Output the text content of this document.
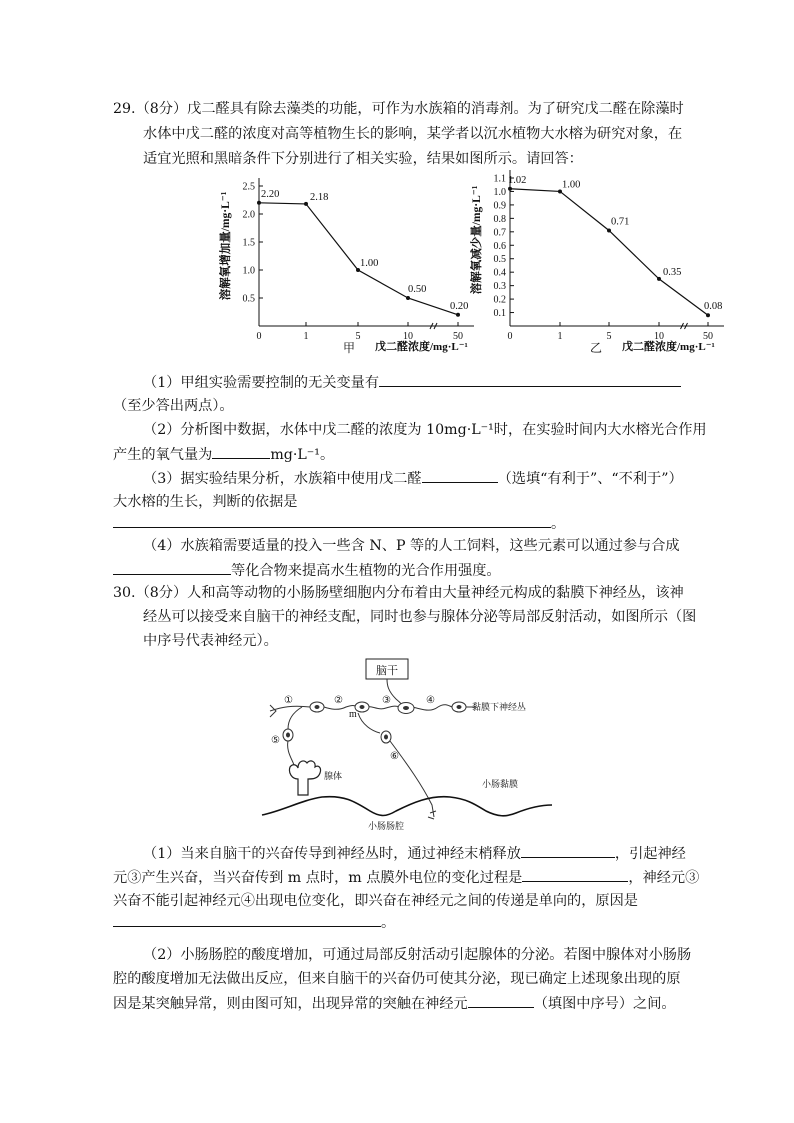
29.（8分）戊二醛具有除去藻类的功能，可作为水族箱的消毒剂。为了研究戊二醛在除藻时
水体中戊二醛的浓度对高等植物生长的影响，某学者以沉水植物大水榕为研究对象，在
适宜光照和黑暗条件下分别进行了相关实验，结果如图所示。请回答：
0.5
1.0
1.5
2.0
2.5
0	1	5	10	50
2.20	2.18
1.00
0.50
0.20
溶解氧增加量/mg·L⁻¹
戊二醛浓度/mg·L⁻¹
甲
0.1
0.2
0.3
0.4
0.5
0.6
0.7
0.8
0.9
1.0
1.1
0	1	5	10	50
1.02	1.00
0.71
0.35
0.08
溶解氧减少量/mg·L⁻¹
戊二醛浓度/mg·L⁻¹
乙
（1）甲组实验需要控制的无关变量有
（至少答出两点）。
（2）分析图中数据，水体中戊二醛的浓度为 10mg·L⁻¹时，在实验时间内大水榕光合作用
产生的氧气量为	mg·L⁻¹。
（3）据实验结果分析，水族箱中使用戊二醛	（选填“有利于”、“不利于”）
大水榕的生长，判断的依据是
。
（4）水族箱需要适量的投入一些含 N、P 等的人工饲料，这些元素可以通过参与合成
等化合物来提高水生植物的光合作用强度。
30.（8分）人和高等动物的小肠肠壁细胞内分布着由大量神经元构成的黏膜下神经丛，该神
经丛可以接受来自脑干的神经支配，同时也参与腺体分泌等局部反射活动，如图所示（图
中序号代表神经元）。
脑干
①	②
m
③	④
黏膜下神经丛
⑤
⑥
腺体
小肠黏膜
小肠肠腔
（1）当来自脑干的兴奋传导到神经丛时，通过神经末梢释放	，引起神经
元③产生兴奋，当兴奋传到 m 点时，m 点膜外电位的变化过程是	，神经元③
兴奋不能引起神经元④出现电位变化，即兴奋在神经元之间的传递是单向的，原因是
。
（2）小肠肠腔的酸度增加，可通过局部反射活动引起腺体的分泌。若图中腺体对小肠肠
腔的酸度增加无法做出反应，但来自脑干的兴奋仍可使其分泌，现已确定上述现象出现的原
因是某突触异常，则由图可知，出现异常的突触在神经元	（填图中序号）之间。
